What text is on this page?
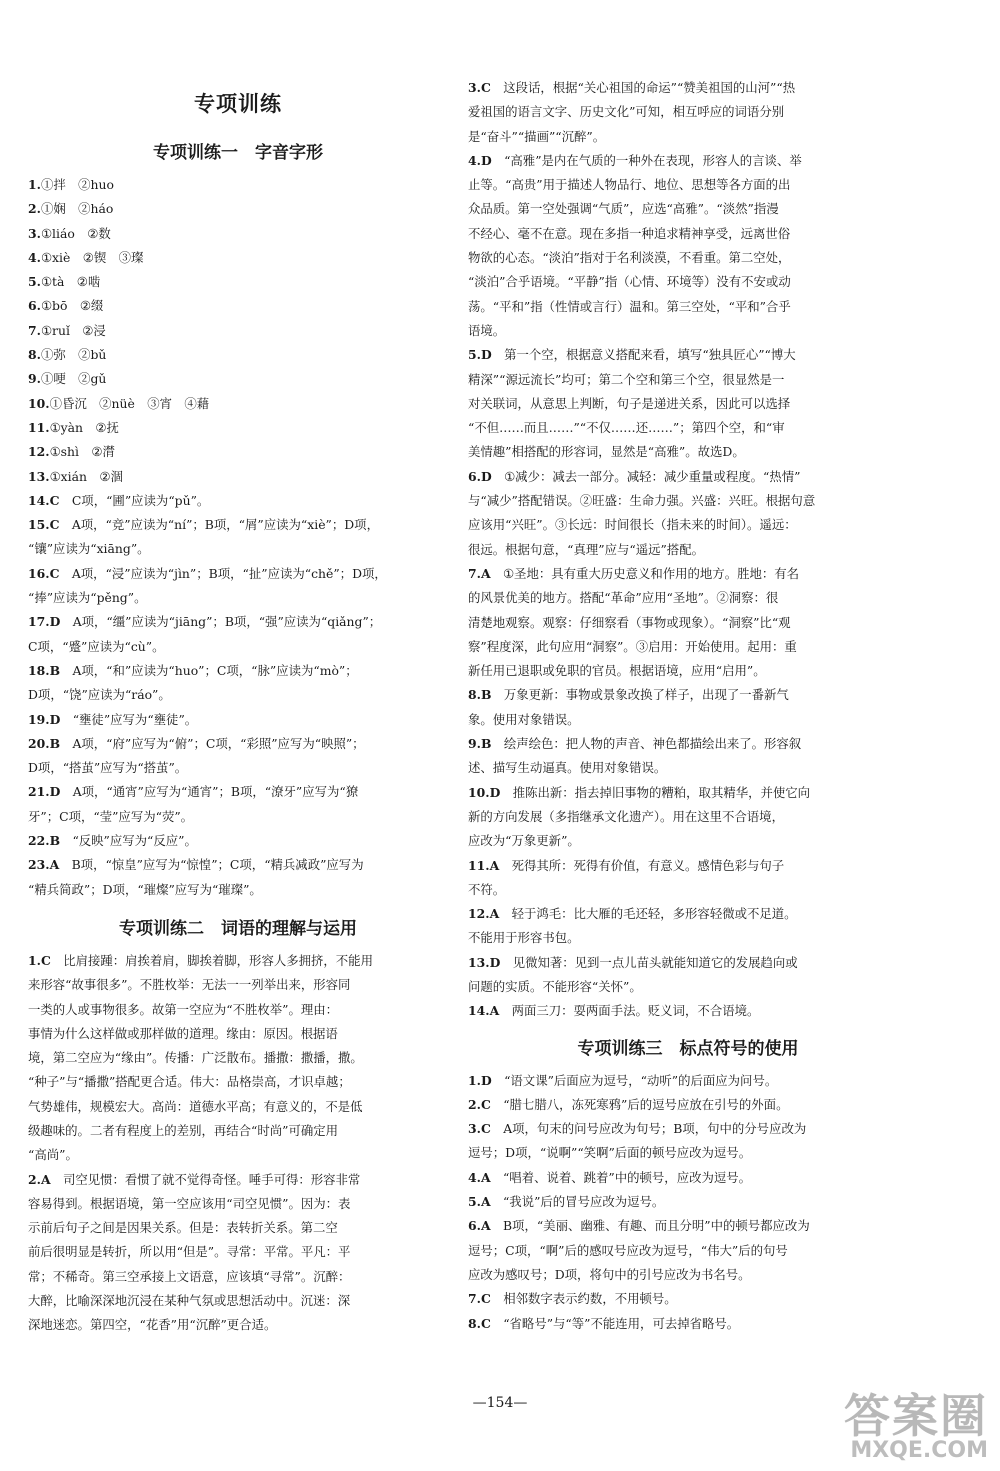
专项训练
专项训练一　字音字形

1.①拌　②huo

2.①娴　②háo

3.①liáo　②数

4.①xiè　②锲　③璨

5.①tà　②啮

6.①bō　②缀

7.①ruǐ　②浸

8.①弥　②bǔ

9.①哽　②gǔ

10.①昏沉　②nüè　③宵　④藉

11.①yàn　②抚

12.①shì　②潸

13.①xián　②涸

14.C　C项，“圃”应读为“pǔ”。

15.C　A项，“竞”应读为“ní”；B项，“屑”应读为“xiè”；D项，

“镶”应读为“xiāng”。

16.C　A项，“浸”应读为“jìn”；B项，“扯”应读为“chě”；D项，

“捧”应读为“pěng”。

17.D　A项，“缰”应读为“jiāng”；B项，“强”应读为“qiǎng”；

C项，“蹙”应读为“cù”。

18.B　A项，“和”应读为“huo”；C项，“脉”应读为“mò”；

D项，“饶”应读为“ráo”。

19.D　“壅徒”应写为“壅徒”。

20.B　A项，“府”应写为“俯”；C项，“彩照”应写为“映照”；

D项，“搭茧”应写为“搭茧”。

21.D　A项，“通宵”应写为“通宵”；B项，“潦牙”应写为“獠

牙”；C项，“莹”应写为“荧”。

22.B　“反映”应写为“反应”。

23.A　B项，“惊皇”应写为“惊惶”；C项，“精兵减政”应写为

“精兵简政”；D项，“璀燦”应写为“璀璨”。

专项训练二　词语的理解与运用

1.C　比肩接踵：肩挨着肩，脚挨着脚，形容人多拥挤，不能用

来形容“故事很多”。不胜枚举：无法一一列举出来，形容同

一类的人或事物很多。故第一空应为“不胜枚举”。理由：

事情为什么这样做或那样做的道理。缘由：原因。根据语

境，第二空应为“缘由”。传播：广泛散布。播撒：撒播，撒。

“种子”与“播撒”搭配更合适。伟大：品格崇高，才识卓越；

气势雄伟，规模宏大。高尚：道德水平高；有意义的，不是低

级趣味的。二者有程度上的差别，再结合“时尚”可确定用

“高尚”。

2.A　司空见惯：看惯了就不觉得奇怪。唾手可得：形容非常

容易得到。根据语境，第一空应该用“司空见惯”。因为：表

示前后句子之间是因果关系。但是：表转折关系。第二空

前后很明显是转折，所以用“但是”。寻常：平常。平凡：平

常；不稀奇。第三空承接上文语意，应该填“寻常”。沉醉：

大醉，比喻深深地沉浸在某种气氛或思想活动中。沉迷：深

深地迷恋。第四空，“花香”用“沉醉”更合适。

3.C　这段话，根据“关心祖国的命运”“赞美祖国的山河”“热

爱祖国的语言文字、历史文化”可知，相互呼应的词语分别

是“奋斗”“描画”“沉醉”。

4.D　“高雅”是内在气质的一种外在表现，形容人的言谈、举

止等。“高贵”用于描述人物品行、地位、思想等各方面的出

众品质。第一空处强调“气质”，应选“高雅”。“淡然”指漫

不经心、毫不在意。现在多指一种追求精神享受，远离世俗

物欲的心态。“淡泊”指对于名利淡漠，不看重。第二空处，

“淡泊”合乎语境。“平静”指（心情、环境等）没有不安或动

荡。“平和”指（性情或言行）温和。第三空处，“平和”合乎

语境。

5.D　第一个空，根据意义搭配来看，填写“独具匠心”“博大

精深”“源远流长”均可；第二个空和第三个空，很显然是一

对关联词，从意思上判断，句子是递进关系，因此可以选择

“不但……而且……”“不仅……还……”；第四个空，和“审

美情趣”相搭配的形容词，显然是“高雅”。故选D。

6.D　①减少：减去一部分。减轻：减少重量或程度。“热情”

与“减少”搭配错误。②旺盛：生命力强。兴盛：兴旺。根据句意

应该用“兴旺”。③长远：时间很长（指未来的时间）。遥远：

很远。根据句意，“真理”应与“遥远”搭配。

7.A　①圣地：具有重大历史意义和作用的地方。胜地：有名

的风景优美的地方。搭配“革命”应用“圣地”。②洞察：很

清楚地观察。观察：仔细察看（事物或现象）。“洞察”比“观

察”程度深，此句应用“洞察”。③启用：开始使用。起用：重

新任用已退职或免职的官员。根据语境，应用“启用”。

8.B　万象更新：事物或景象改换了样子，出现了一番新气

象。使用对象错误。

9.B　绘声绘色：把人物的声音、神色都描绘出来了。形容叙

述、描写生动逼真。使用对象错误。

10.D　推陈出新：指去掉旧事物的糟粕，取其精华，并使它向

新的方向发展（多指继承文化遗产）。用在这里不合语境，

应改为“万象更新”。

11.A　死得其所：死得有价值，有意义。感情色彩与句子

不符。

12.A　轻于鸿毛：比大雁的毛还轻，多形容轻微或不足道。

不能用于形容书包。

13.D　见微知著：见到一点儿苗头就能知道它的发展趋向或

问题的实质。不能形容“关怀”。

14.A　两面三刀：耍两面手法。贬义词，不合语境。

专项训练三　标点符号的使用

1.D　“语文课”后面应为逗号，“动听”的后面应为问号。

2.C　“腊七腊八，冻死寒鸦”后的逗号应放在引号的外面。

3.C　A项，句末的问号应改为句号；B项，句中的分号应改为

逗号；D项，“说啊”“笑啊”后面的顿号应改为逗号。

4.A　“唱着、说着、跳着”中的顿号，应改为逗号。

5.A　“我说”后的冒号应改为逗号。

6.A　B项，“美丽、幽雅、有趣、而且分明”中的顿号都应改为

逗号；C项，“啊”后的感叹号应改为逗号，“伟大”后的句号

应改为感叹号；D项，将句中的引号应改为书名号。

7.C　相邻数字表示约数，不用顿号。

8.C　“省略号”与“等”不能连用，可去掉省略号。

—154—	答案圈
MXQE.COM
